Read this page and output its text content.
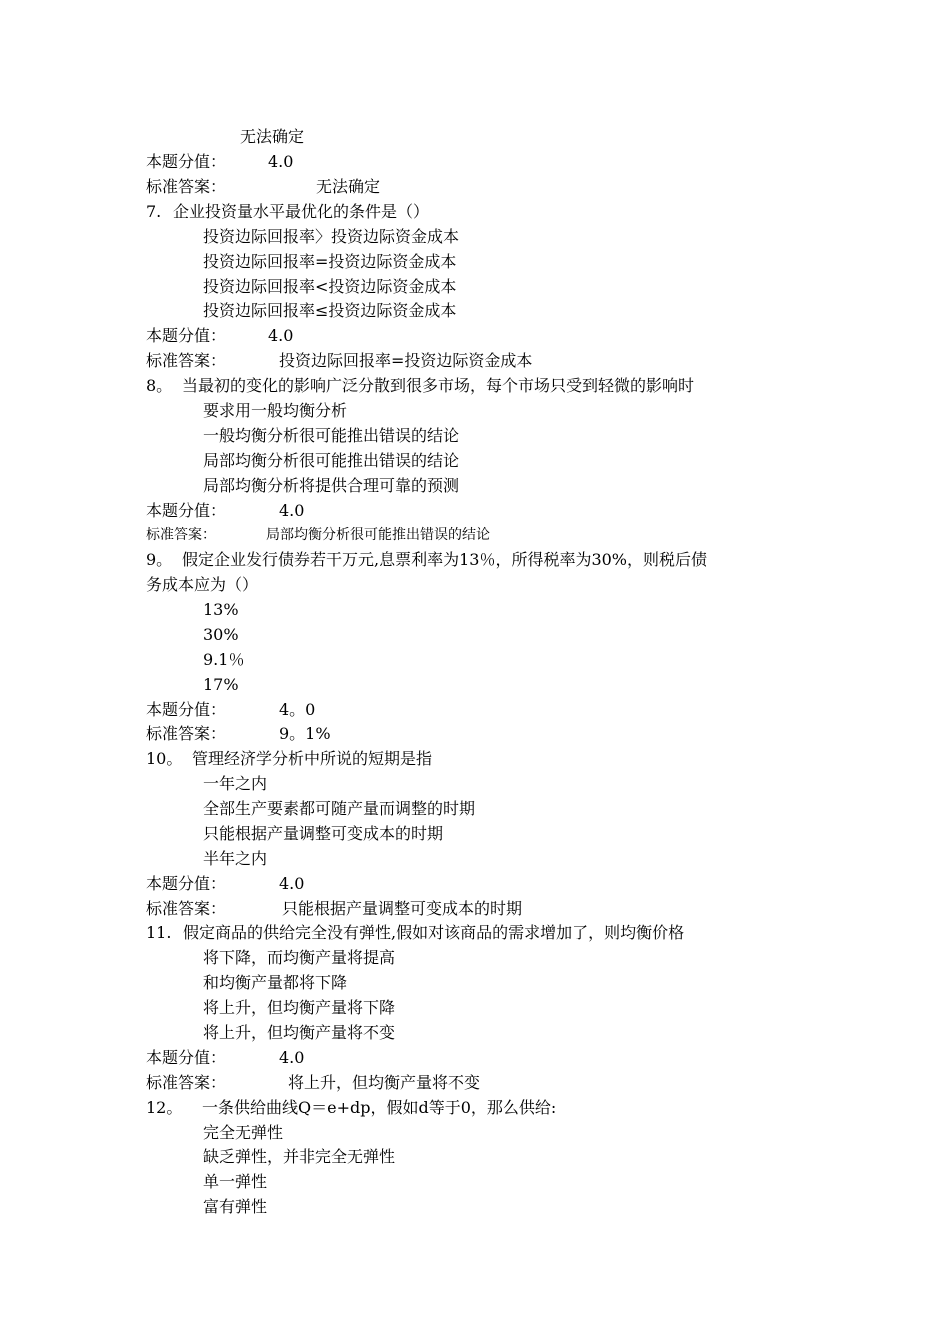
无法确定
本题分值：	4.0
标准答案：	无法确定
7. 企业投资量水平最优化的条件是（）
投资边际回报率〉投资边际资金成本
投资边际回报率=投资边际资金成本
投资边际回报率<投资边际资金成本
投资边际回报率≤投资边际资金成本
本题分值：	4.0
标准答案：	投资边际回报率=投资边际资金成本
8。 当最初的变化的影响广泛分散到很多市场，每个市场只受到轻微的影响时
要求用一般均衡分析
一般均衡分析很可能推出错误的结论
局部均衡分析很可能推出错误的结论
局部均衡分析将提供合理可靠的预测
本题分值：	4.0
标准答案：	局部均衡分析很可能推出错误的结论
9。 假定企业发行债券若干万元,息票利率为13％，所得税率为30%，则税后债
务成本应为（）
13%
30%
9.1％
17%
本题分值：	4。0
标准答案：	9。1%
10。 管理经济学分析中所说的短期是指
一年之内
全部生产要素都可随产量而调整的时期
只能根据产量调整可变成本的时期
半年之内
本题分值：	4.0
标准答案：	只能根据产量调整可变成本的时期
11. 假定商品的供给完全没有弹性,假如对该商品的需求增加了，则均衡价格
将下降，而均衡产量将提高
和均衡产量都将下降
将上升，但均衡产量将下降
将上升，但均衡产量将不变
本题分值：	4.0
标准答案：	将上升，但均衡产量将不变
12。 一条供给曲线Q＝e+dp，假如d等于0，那么供给:
完全无弹性
缺乏弹性，并非完全无弹性
单一弹性
富有弹性
